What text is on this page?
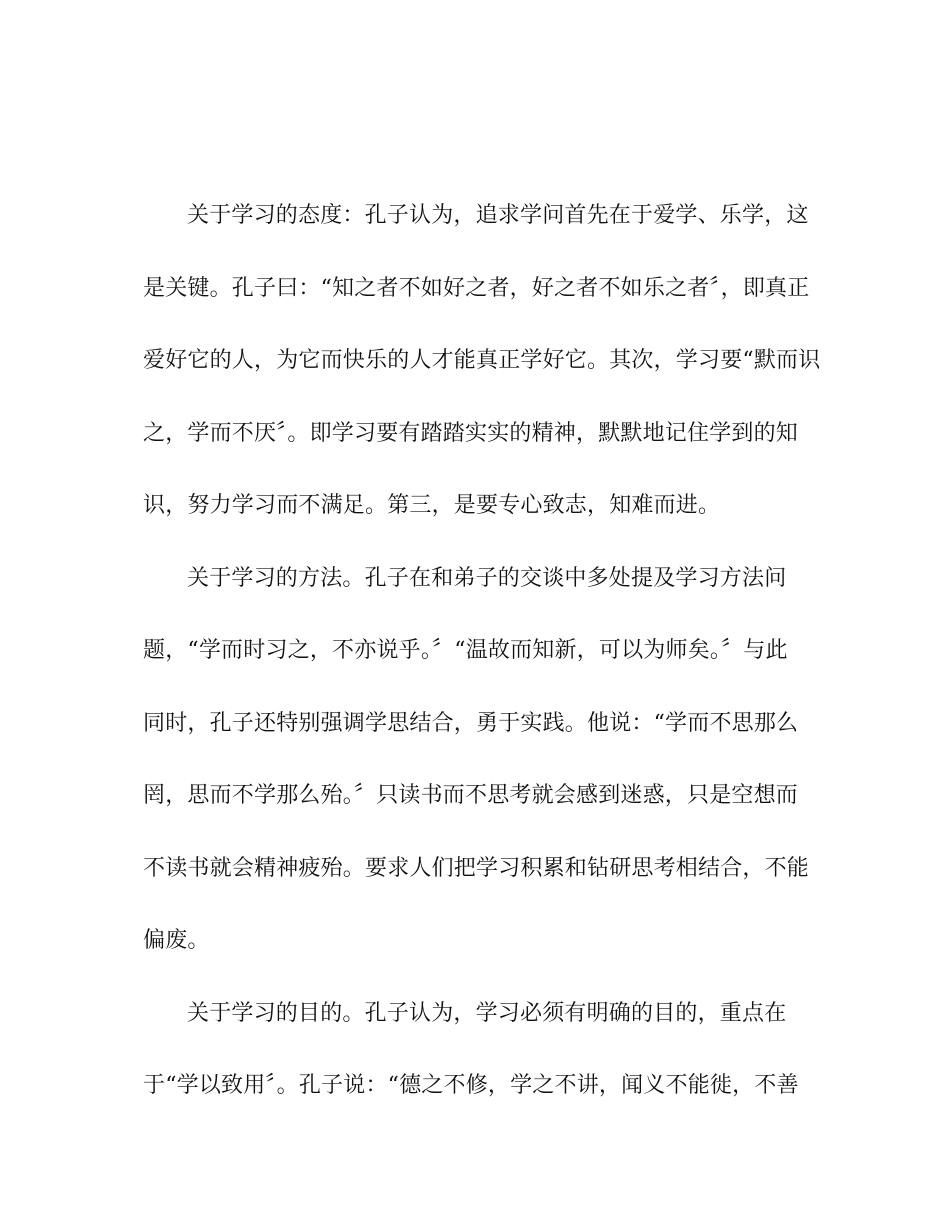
关于学习的态度：孔子认为，追求学问首先在于爱学、乐学，这
是关键。孔子曰：“知之者不如好之者，好之者不如乐之者〞，即真正
爱好它的人，为它而快乐的人才能真正学好它。其次，学习要“默而识
之，学而不厌〞。即学习要有踏踏实实的精神，默默地记住学到的知
识，努力学习而不满足。第三，是要专心致志，知难而进。
关于学习的方法。孔子在和弟子的交谈中多处提及学习方法问
题，“学而时习之，不亦说乎。〞“温故而知新，可以为师矣。〞与此
同时，孔子还特别强调学思结合，勇于实践。他说：“学而不思那么
罔，思而不学那么殆。〞只读书而不思考就会感到迷惑，只是空想而
不读书就会精神疲殆。要求人们把学习积累和钻研思考相结合，不能
偏废。
关于学习的目的。孔子认为，学习必须有明确的目的，重点在
于“学以致用〞。孔子说：“德之不修，学之不讲，闻义不能徙，不善
